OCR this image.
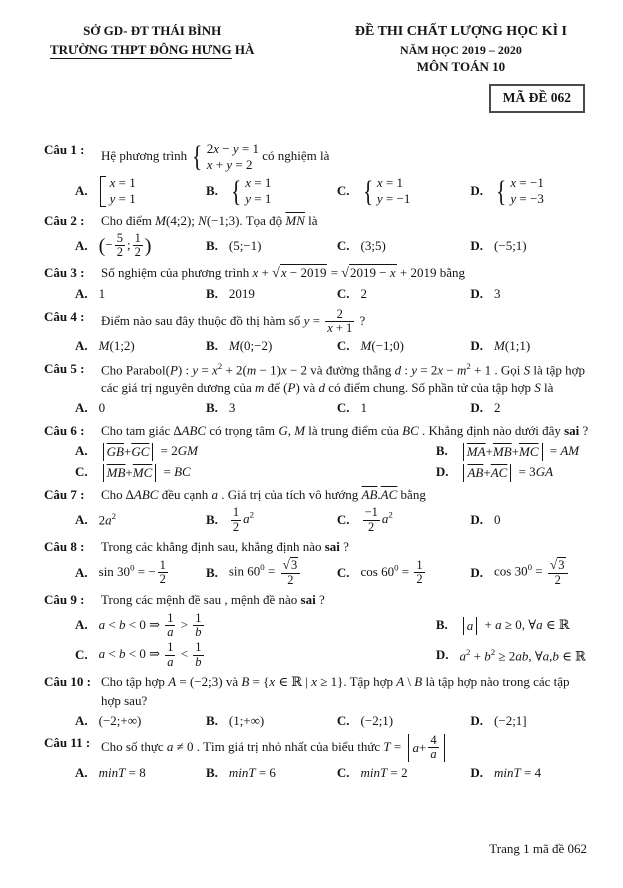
SỞ GD- ĐT THÁI BÌNH
TRƯỜNG THPT ĐÔNG HƯNG HÀ
ĐỀ THI CHẤT LƯỢNG HỌC KÌ I
NĂM HỌC 2019 – 2020
MÔN TOÁN 10
MÃ ĐỀ 062
Câu 1 :	Hệ phương trình { 2x − y = 1
x + y = 2
có nghiệm là
A.
x = 1
y = 1
B. { x = 1
y = 1
C. { x = 1
y = −1
D. { x = −1
y = −3
Câu 2 :	Cho điểm M(4;2); N(−1;3). Tọa độ $\overline{MN}$ là
A. (− $\frac{5}{2}$ ; $\frac{1}{2}$ )	B. (5;−1)	C. (3;5)	D. (−5;1)
Câu 3 :	Số nghiệm của phương trình x + √ x − 2019 = √ 2019 − x + 2019 bằng
A. 1	B. 2019	C. 2	D. 3
Câu 4 :	Điểm nào sau đây thuộc đồ thị hàm số $y = \frac{2}{x + 1}$ ?
A. M(1;2)	B. M(0;−2)	C. M(−1;0)	D. M(1;1)
Câu 5 :	Cho Parabol(P) : $y = x^2 + 2(m - 1)x - 2$ và đường thẳng d : $y = 2x - m^2 + 1$ . Gọi S là tập hợp các giá trị nguyên dương của m để (P) và d có điểm chung. Số phần tử của tập hợp S là
A. 0	B. 3	C. 1	D. 2
Câu 6 :	Cho tam giác ∆ABC có trọng tâm G, M là trung điểm của BC . Khẳng định nào dưới đây sai ?
A. $\overline{GB} + \overline{GC} = 2GM$	B. $\overline{MA} + \overline{MB} + \overline{MC}$ = AM
C. $\overline{MB} + \overline{MC}$ = BC	D. $\overline{AB} + \overline{AC} = 3GA$
Câu 7 :	Cho ∆ABC đều cạnh a . Giá trị của tích vô hướng $\overline{AB}.\overline{AC}$ bằng
A. $2a^2$	B. $\frac{1}{2} a^2$	C. $\frac{-1}{2} a^2$	D. 0
Câu 8 :	Trong các khẳng định sau, khẳng định nào sai ?
A. $\sin 30^0$ = − $\frac{1}{2}$	B. $\sin 60^0$ = √ $\frac{3}{2}$	C. $\cos 60^0 = \frac{1}{2}$	D. $\cos 30^0$ = √ $\frac{3}{2}$
Câu 9 :	Trong các mệnh đề sau , mệnh đề nào sai ?
A. a < b < 0 ⇒ $\frac{1}{a} > \frac{1}{b}$	B. a + a ≥ 0, ∀a ∈ ℝ
C. a < b < 0 ⇒ $\frac{1}{a} < \frac{1}{b}$	D. $a^2 + b^2 \ge 2ab$, ∀a,b ∈ ℝ
Câu 10 : Cho tập hợp A = (−2;3) và B = {x ∈ ℝ | x ≥ 1}. Tập hợp A \ B là tập hợp nào trong các tập hợp sau?
A. (−2;+∞)	B. (1;+∞)	C. (−2;1)	D. (−2;1]
Câu 11 : Cho số thực a ≠ 0 . Tìm giá trị nhỏ nhất của biểu thức $T = a + \frac{4}{a}$
A. minT = 8	B. minT = 6	C. minT = 2	D. minT = 4
Trang 1 mã đề 062
